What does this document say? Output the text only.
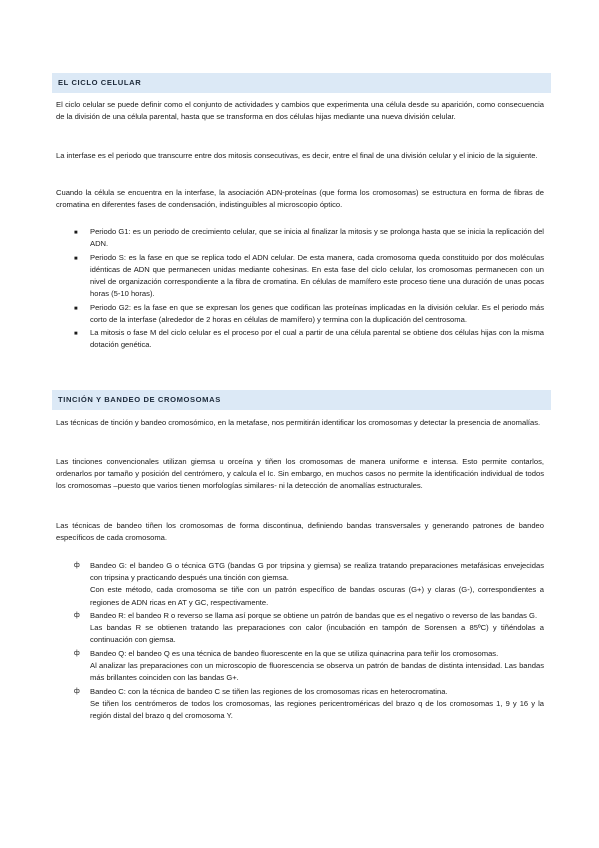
EL CICLO CELULAR
El ciclo celular se puede definir como el conjunto de actividades y cambios que experimenta una célula desde su aparición, como consecuencia de la división de una célula parental, hasta que se transforma en dos células hijas mediante una nueva división celular.
La interfase es el periodo que transcurre entre dos mitosis consecutivas, es decir, entre el final de una división celular y el inicio de la siguiente.
Cuando la célula se encuentra en la interfase, la asociación ADN-proteínas (que forma los cromosomas) se estructura en forma de fibras de cromatina en diferentes fases de condensación, indistinguibles al microscopio óptico.
■ Periodo G1: es un periodo de crecimiento celular, que se inicia al finalizar la mitosis y se prolonga hasta que se inicia la replicación del ADN.
■ Periodo S: es la fase en que se replica todo el ADN celular. De esta manera, cada cromosoma queda constituido por dos moléculas idénticas de ADN que permanecen unidas mediante cohesinas. En esta fase del ciclo celular, los cromosomas permanecen con un nivel de organización correspondiente a la fibra de cromatina. En células de mamífero este proceso tiene una duración de unas pocas horas (5-10 horas).
■ Periodo G2: es la fase en que se expresan los genes que codifican las proteínas implicadas en la división celular. Es el periodo más corto de la interfase (alrededor de 2 horas en células de mamífero) y termina con la duplicación del centrosoma.
■ La mitosis o fase M del ciclo celular es el proceso por el cual a partir de una célula parental se obtiene dos células hijas con la misma dotación genética.
TINCIÓN Y BANDEO DE CROMOSOMAS
Las técnicas de tinción y bandeo cromosómico, en la metafase, nos permitirán identificar los cromosomas y detectar la presencia de anomalías.
Las tinciones convencionales utilizan giemsa u orceína y tiñen los cromosomas de manera uniforme e intensa. Esto permite contarlos, ordenarlos por tamaño y posición del centrómero, y calcula el Ic. Sin embargo, en muchos casos no permite la identificación individual de todos los cromosomas –puesto que varios tienen morfologías similares- ni la detección de anomalías estructurales.
Las técnicas de bandeo tiñen los cromosomas de forma discontinua, definiendo bandas transversales y generando patrones de bandeo específicos de cada cromosoma.
ф Bandeo G: el bandeo G o técnica GTG (bandas G por tripsina y giemsa) se realiza tratando preparaciones metafásicas envejecidas con tripsina y practicando después una tinción con giemsa.

Con este método, cada cromosoma se tiñe con un patrón específico de bandas oscuras (G+) y claras (G-), correspondientes a regiones de ADN ricas en AT y GC, respectivamente.

ф Bandeo R: el bandeo R o reverso se llama así porque se obtiene un patrón de bandas que es el negativo o reverso de las bandas G.

Las bandas R se obtienen tratando las preparaciones con calor (incubación en tampón de Sorensen a 85ºC) y tiñéndolas a continuación con giemsa.

ф Bandeo Q: el bandeo Q es una técnica de bandeo fluorescente en la que se utiliza quinacrina para teñir los cromosomas.

Al analizar las preparaciones con un microscopio de fluorescencia se observa un patrón de bandas de distinta intensidad. Las bandas más brillantes coinciden con las bandas G+.

ф Bandeo C: con la técnica de bandeo C se tiñen las regiones de los cromosomas ricas en heterocromatina.

Se tiñen los centrómeros de todos los cromosomas, las regiones pericentroméricas del brazo q de los cromosomas 1, 9 y 16 y la región distal del brazo q del cromosoma Y.
